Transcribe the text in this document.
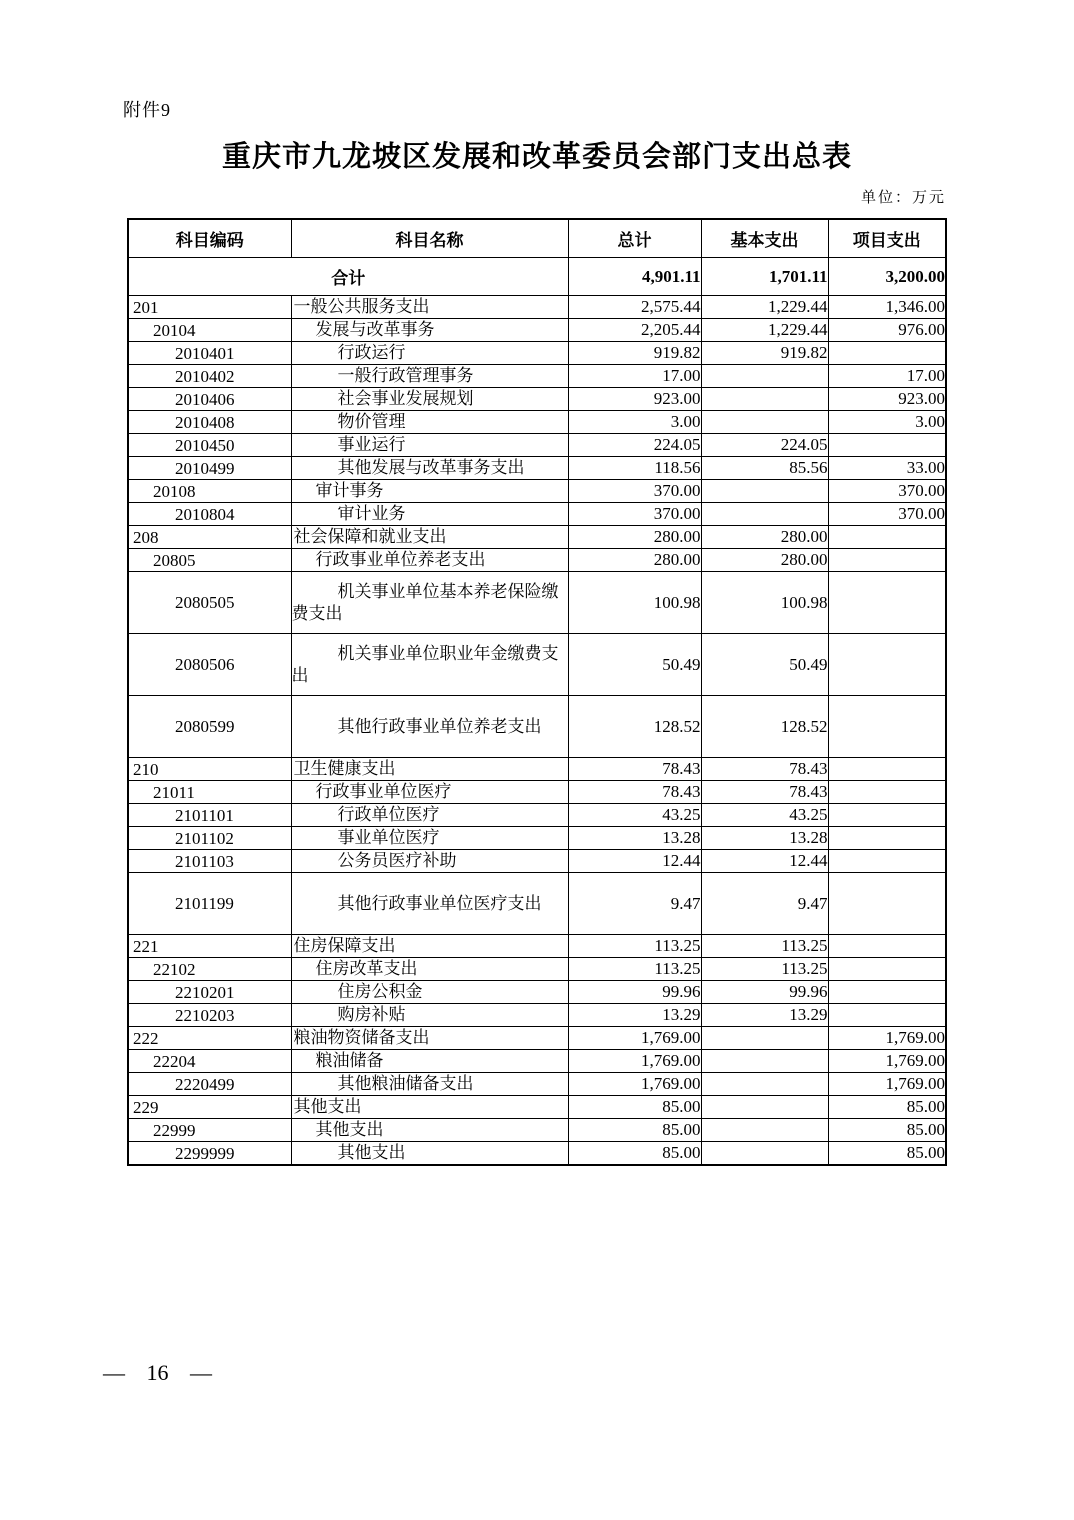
附件9
重庆市九龙坡区发展和改革委员会部门支出总表
单位：万元
科目编码	科目名称	总计	基本支出	项目支出
合计		4,901.11	1,701.11	3,200.00
201	一般公共服务支出	2,575.44	1,229.44	1,346.00
20104	发展与改革事务	2,205.44	1,229.44	976.00
2010401	行政运行	919.82	919.82	
2010402	一般行政管理事务	17.00		17.00
2010406	社会事业发展规划	923.00		923.00
2010408	物价管理	3.00		3.00
2010450	事业运行	224.05	224.05	
2010499	其他发展与改革事务支出	118.56	85.56	33.00
20108	审计事务	370.00		370.00
2010804	审计业务	370.00		370.00
208	社会保障和就业支出	280.00	280.00	
20805	行政事业单位养老支出	280.00	280.00	
2080505	机关事业单位基本养老保险缴费支出	100.98	100.98	
2080506	机关事业单位职业年金缴费支出	50.49	50.49	
2080599	其他行政事业单位养老支出	128.52	128.52	
210	卫生健康支出	78.43	78.43	
21011	行政事业单位医疗	78.43	78.43	
2101101	行政单位医疗	43.25	43.25	
2101102	事业单位医疗	13.28	13.28	
2101103	公务员医疗补助	12.44	12.44	
2101199	其他行政事业单位医疗支出	9.47	9.47	
221	住房保障支出	113.25	113.25	
22102	住房改革支出	113.25	113.25	
2210201	住房公积金	99.96	99.96	
2210203	购房补贴	13.29	13.29	
222	粮油物资储备支出	1,769.00		1,769.00
22204	粮油储备	1,769.00		1,769.00
2220499	其他粮油储备支出	1,769.00		1,769.00
229	其他支出	85.00		85.00
22999	其他支出	85.00		85.00
2299999	其他支出	85.00		85.00
— 16 —
